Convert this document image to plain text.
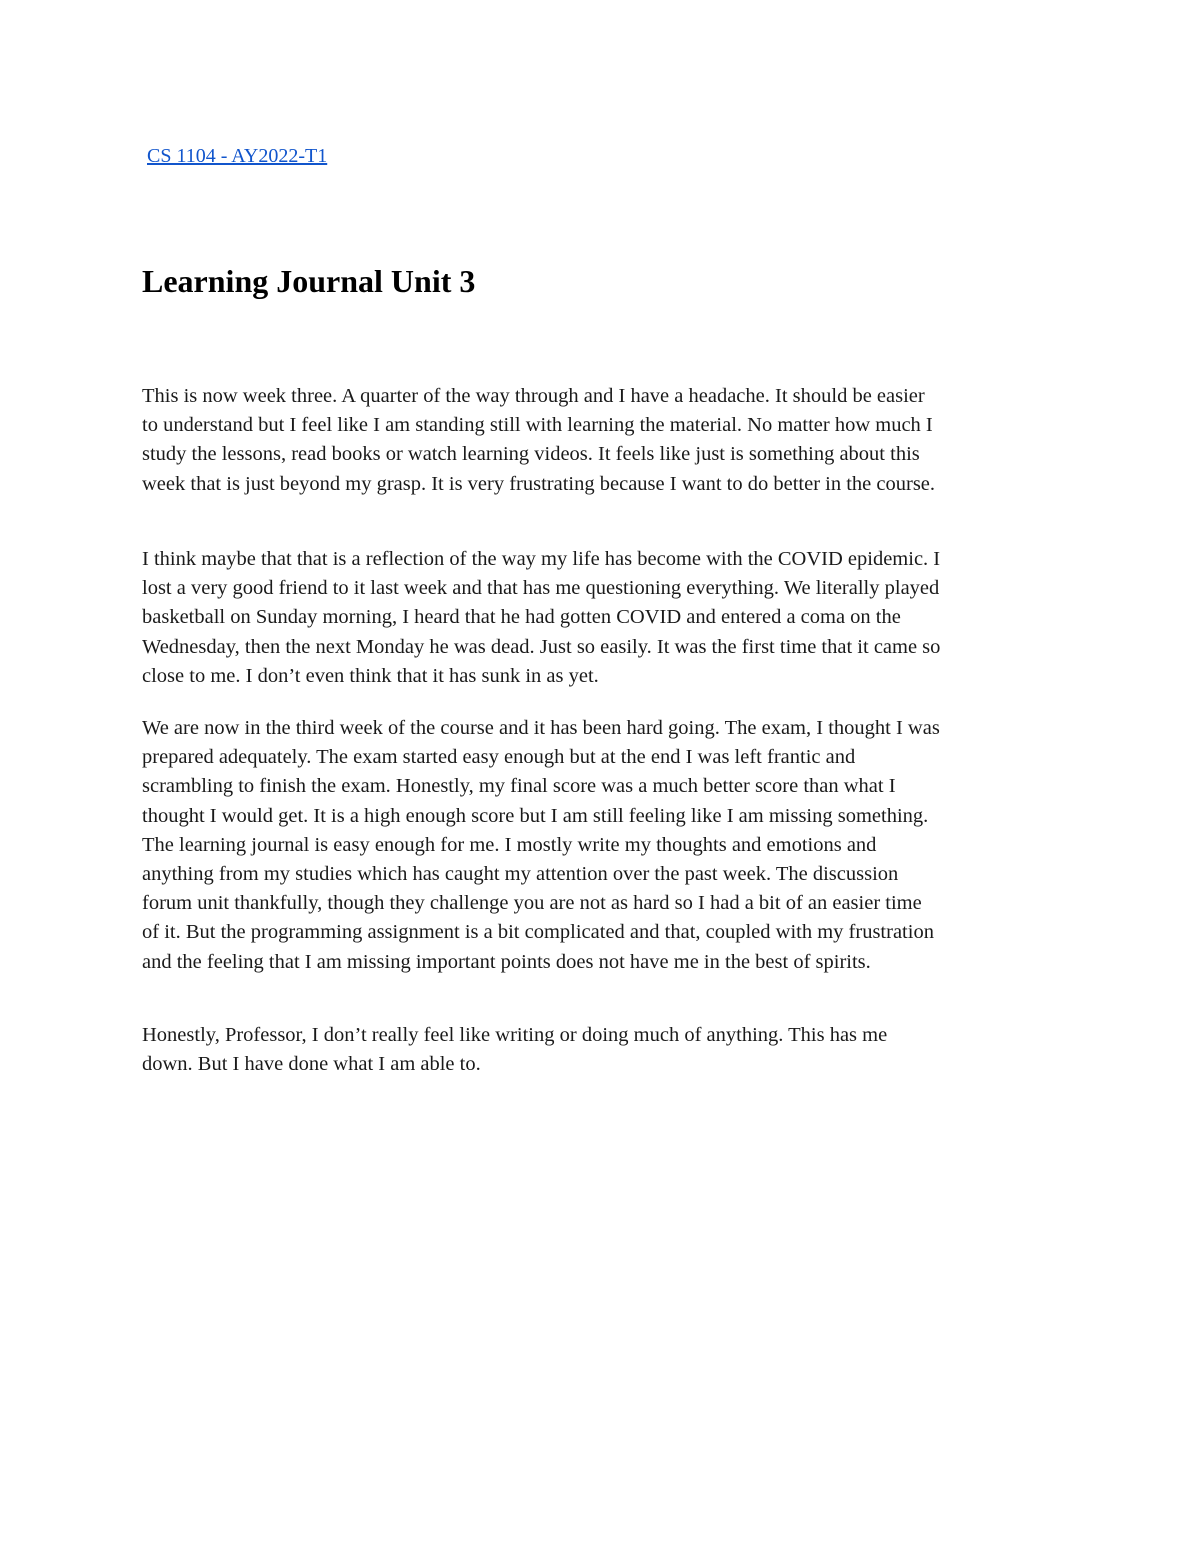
CS 1104 - AY2022-T1
Learning Journal Unit 3

This is now week three. A quarter of the way through and I have a headache. It should be easier
to understand but I feel like I am standing still with learning the material. No matter how much I
study the lessons, read books or watch learning videos. It feels like just is something about this
week that is just beyond my grasp. It is very frustrating because I want to do better in the course.

I think maybe that that is a reflection of the way my life has become with the COVID epidemic. I
lost a very good friend to it last week and that has me questioning everything. We literally played
basketball on Sunday morning, I heard that he had gotten COVID and entered a coma on the
Wednesday, then the next Monday he was dead. Just so easily. It was the first time that it came so
close to me. I don’t even think that it has sunk in as yet.

We are now in the third week of the course and it has been hard going. The exam, I thought I was
prepared adequately. The exam started easy enough but at the end I was left frantic and
scrambling to finish the exam. Honestly, my final score was a much better score than what I
thought I would get. It is a high enough score but I am still feeling like I am missing something.
The learning journal is easy enough for me. I mostly write my thoughts and emotions and
anything from my studies which has caught my attention over the past week. The discussion
forum unit thankfully, though they challenge you are not as hard so I had a bit of an easier time
of it. But the programming assignment is a bit complicated and that, coupled with my frustration
and the feeling that I am missing important points does not have me in the best of spirits.

Honestly, Professor, I don’t really feel like writing or doing much of anything. This has me
down. But I have done what I am able to.
